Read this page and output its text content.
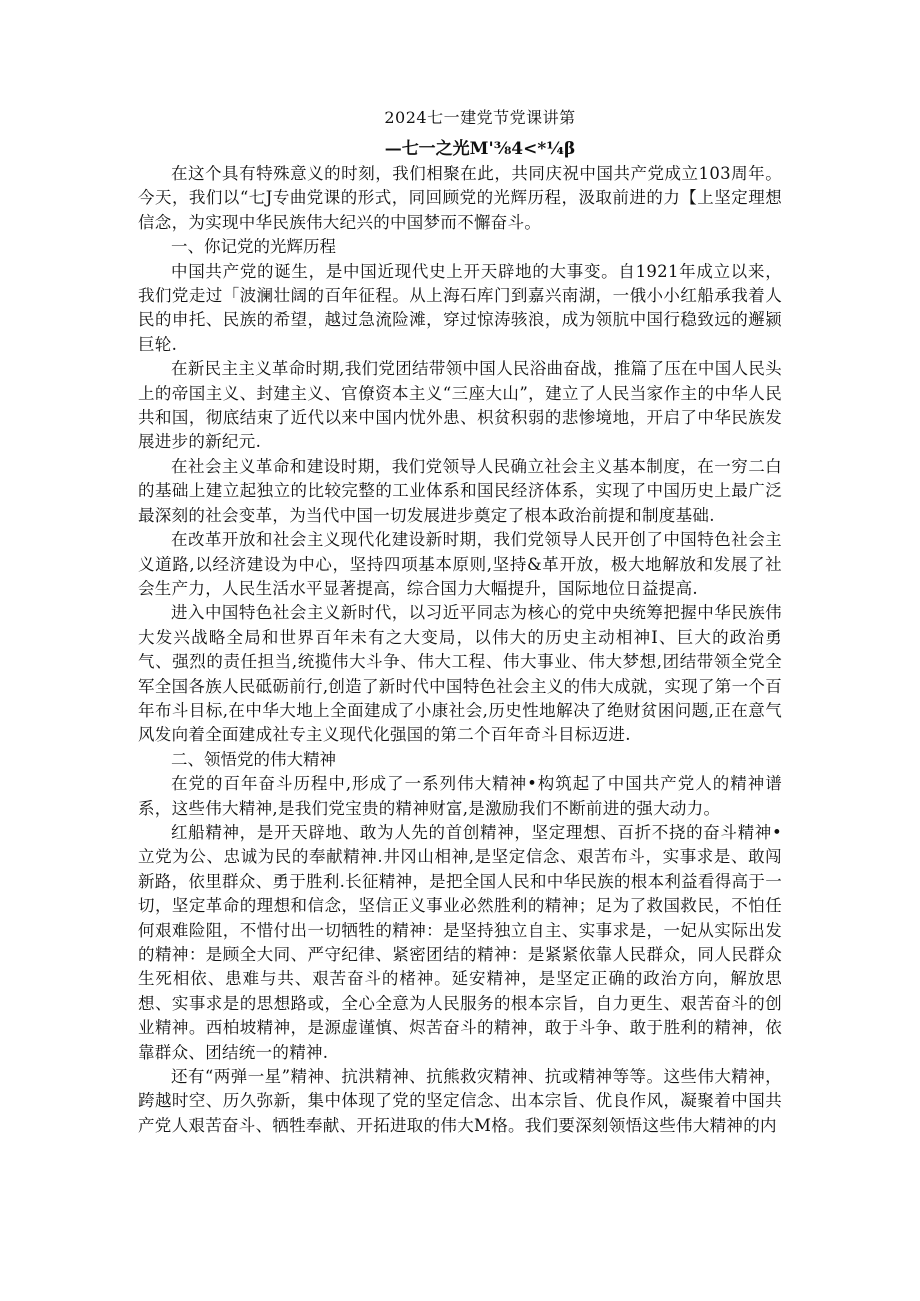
2024七一建党节党课讲第
—七一之光M'⅜4<*¼β

在这个具有特殊意义的时刻，我们相聚在此，共同庆祝中国共产党成立103周年。今天，我们以“七J专曲党课的形式，同回顾党的光辉历程，汲取前进的力【上坚定理想信念，为实现中华民族伟大纪兴的中国梦而不懈奋斗。

一、你记党的光辉历程

中国共产党的诞生，是中国近现代史上开天辟地的大事变。自1921年成立以来，我们党走过「波澜壮阔的百年征程。从上海石库门到嘉兴南湖，一俄小小红船承我着人民的申托、民族的希望，越过急流险滩，穿过惊涛骇浪，成为领肮中国行稳致远的邂颍巨轮.

在新民主主义革命时期,我们党团结带领中国人民浴曲奋战，推篇了压在中国人民头上的帝国主义、封建主义、官僚资本主义“三座大山”，建立了人民当家作主的中华人民共和国，彻底结束了近代以来中国内忧外患、枳贫积弱的悲惨境地，开启了中华民族发展进步的新纪元.

在社会主义革命和建设时期，我们党领导人民确立社会主义基本制度，在一穷二白的基础上建立起独立的比较完整的工业体系和国民经济体系，实现了中国历史上最广泛最深刻的社会变革，为当代中国一切发展进步奠定了根本政治前提和制度基础.

在改革开放和社会主义现代化建设新时期，我们党领导人民开创了中国特色社会主义道路,以经济建设为中心，坚持四项基本原则,坚持&革开放，极大地解放和发展了社会生产力，人民生活水平显著提高，综合国力大幅提升，国际地位日益提高.

进入中国特色社会主义新时代，以习近平同志为核心的党中央统筹把握中华民族伟大发兴战略全局和世界百年未有之大变局，以伟大的历史主动相神I、巨大的政治勇气、强烈的责任担当,统揽伟大斗争、伟大工程、伟大事业、伟大梦想,团结带领全党全军全国各族人民砥砺前行,创造了新时代中国特色社会主义的伟大成就，实现了第一个百年布斗目标,在中华大地上全面建成了小康社会,历史性地解决了绝财贫困问题,正在意气风发向着全面建成社专主义现代化强国的第二个百年奇斗目标迈进.

二、领悟党的伟大精神

在党的百年奋斗历程中,形成了一系列伟大精神•构筑起了中国共产党人的精神谱系，这些伟大精神,是我们党宝贵的精神财富,是激励我们不断前进的强大动力。

红船精神，是开天辟地、敢为人先的首创精神，坚定理想、百折不挠的奋斗精神•立党为公、忠诚为民的奉献精神.井冈山相神,是坚定信念、艰苦布斗，实事求是、敢闯新路，依里群众、勇于胜利.长征精神，是把全国人民和中华民族的根本利益看得高于一切，坚定革命的理想和信念，坚信正义事业必然胜利的精神；足为了救国救民，不怕任何艰难险阻，不惜付出一切牺牲的精神：是坚持独立自主、实事求是，一妃从实际出发的精神：是顾全大同、严守纪律、紧密团结的精神：是紧紧依靠人民群众，同人民群众生死相依、患难与共、艰苦奋斗的楮神。延安精神，是坚定正确的政治方向，解放思想、实事求是的思想路或，全心全意为人民服务的根本宗旨，自力更生、艰苦奋斗的创业精神。西柏坡精神，是源虚谨慎、烬苦奋斗的精神，敢于斗争、敢于胜利的精神，依靠群众、团结统一的精神.

还有“两弹一星”精神、抗洪精神、抗熊救灾精神、抗或精神等等。这些伟大精神，跨越时空、历久弥新，集中体现了党的坚定信念、出本宗旨、优良作风，凝聚着中国共产党人艰苦奋斗、牺牲奉献、开拓进取的伟大M格。我们要深刻领悟这些伟大精神的内
